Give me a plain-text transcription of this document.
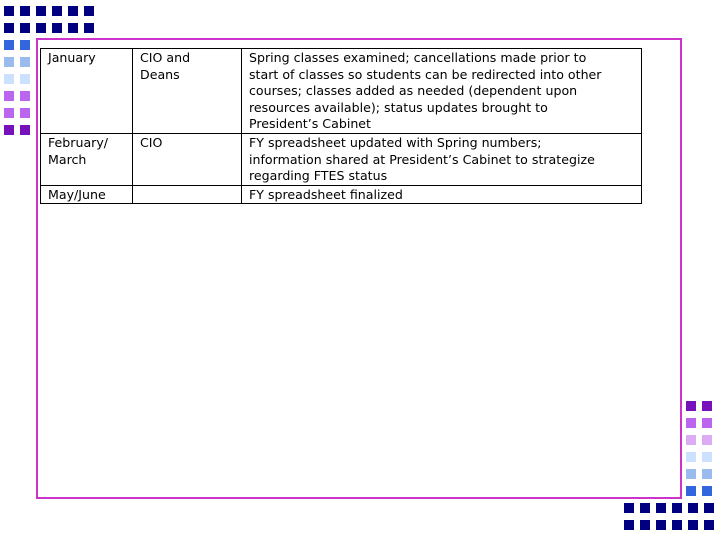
January	CIO and
Deans	Spring classes examined; cancellations made prior to
start of classes so students can be redirected into other
courses; classes added as needed (dependent upon
resources available); status updates brought to
President’s Cabinet
February/
March	CIO	FY spreadsheet updated with Spring numbers;
information shared at President’s Cabinet to strategize
regarding FTES status
May/June		FY spreadsheet finalized
